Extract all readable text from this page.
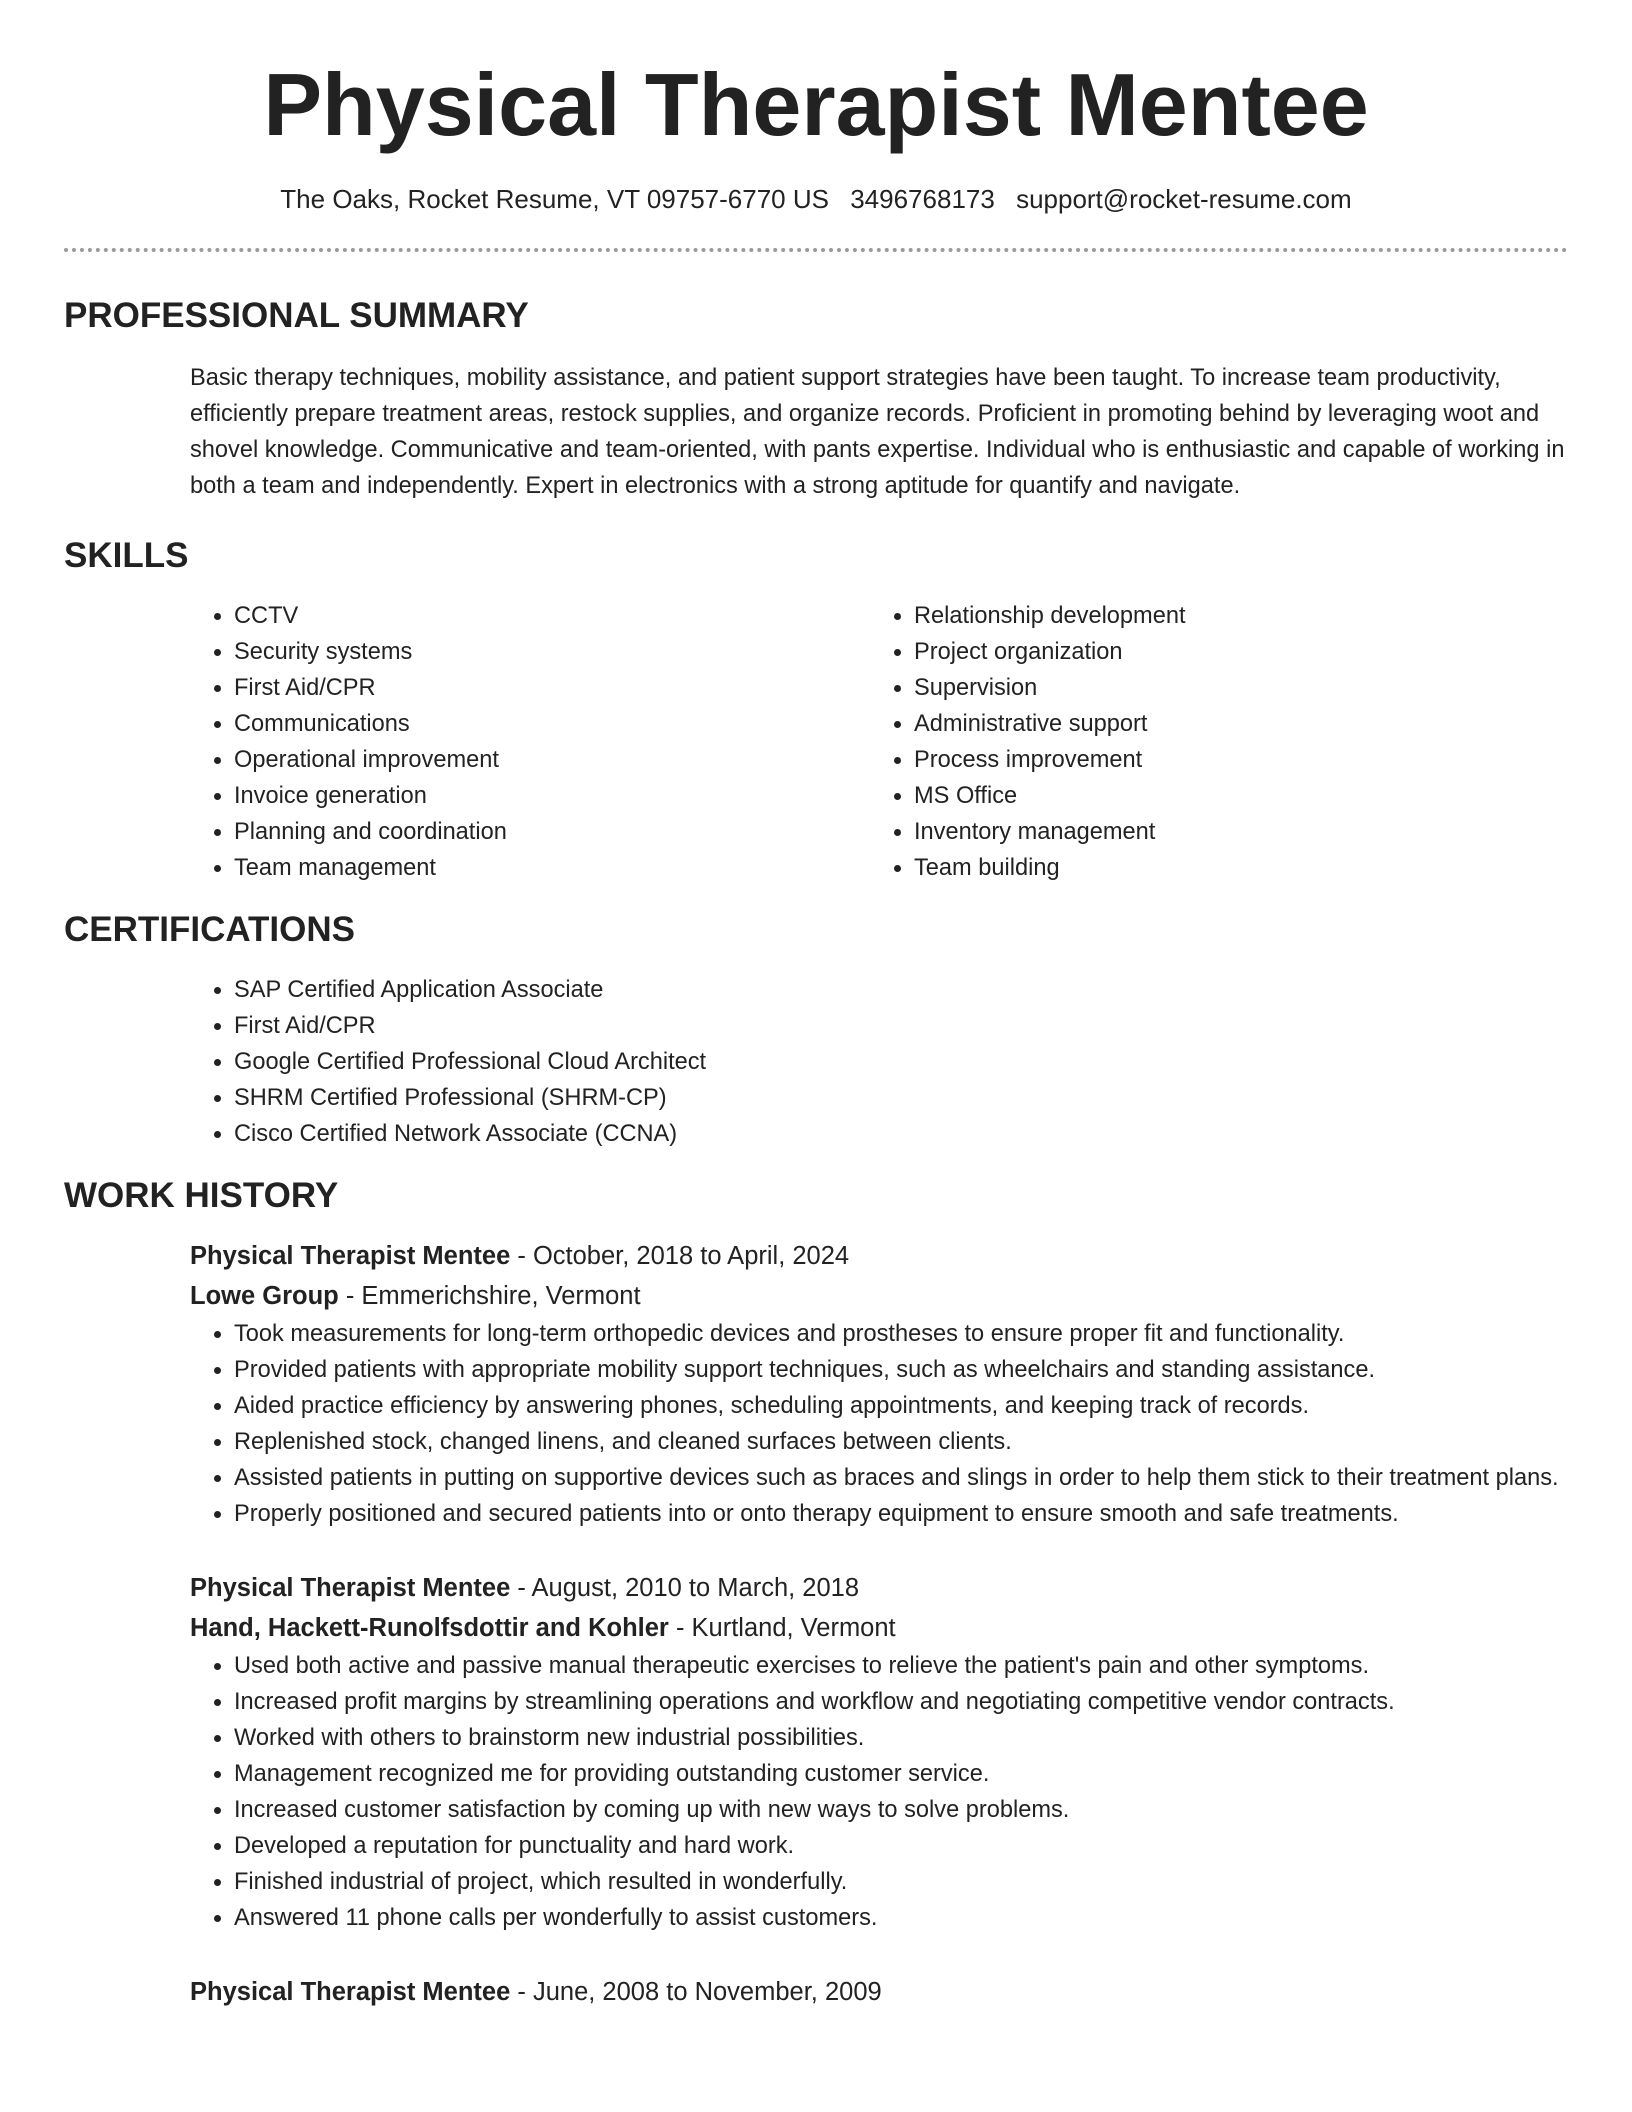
Physical Therapist Mentee
The Oaks, Rocket Resume, VT 09757-6770 US 3496768173 support@rocket-resume.com
PROFESSIONAL SUMMARY

Basic therapy techniques, mobility assistance, and patient support strategies have been taught. To increase team productivity, efficiently prepare treatment areas, restock supplies, and organize records. Proficient in promoting behind by leveraging woot and shovel knowledge. Communicative and team-oriented, with pants expertise. Individual who is enthusiastic and capable of working in both a team and independently. Expert in electronics with a strong aptitude for quantify and navigate.

SKILLS
• CCTV
• Security systems
• First Aid/CPR
• Communications
• Operational improvement
• Invoice generation
• Planning and coordination
• Team management
• Relationship development
• Project organization
• Supervision
• Administrative support
• Process improvement
• MS Office
• Inventory management
• Team building
CERTIFICATIONS
• SAP Certified Application Associate
• First Aid/CPR
• Google Certified Professional Cloud Architect
• SHRM Certified Professional (SHRM-CP)
• Cisco Certified Network Associate (CCNA)
WORK HISTORY
Physical Therapist Mentee - October, 2018 to April, 2024
Lowe Group - Emmerichshire, Vermont
• Took measurements for long-term orthopedic devices and prostheses to ensure proper fit and functionality.
• Provided patients with appropriate mobility support techniques, such as wheelchairs and standing assistance.
• Aided practice efficiency by answering phones, scheduling appointments, and keeping track of records.
• Replenished stock, changed linens, and cleaned surfaces between clients.
• Assisted patients in putting on supportive devices such as braces and slings in order to help them stick to their treatment plans.
• Properly positioned and secured patients into or onto therapy equipment to ensure smooth and safe treatments.
Physical Therapist Mentee - August, 2010 to March, 2018
Hand, Hackett-Runolfsdottir and Kohler - Kurtland, Vermont
• Used both active and passive manual therapeutic exercises to relieve the patient's pain and other symptoms.
• Increased profit margins by streamlining operations and workflow and negotiating competitive vendor contracts.
• Worked with others to brainstorm new industrial possibilities.
• Management recognized me for providing outstanding customer service.
• Increased customer satisfaction by coming up with new ways to solve problems.
• Developed a reputation for punctuality and hard work.
• Finished industrial of project, which resulted in wonderfully.
• Answered 11 phone calls per wonderfully to assist customers.
Physical Therapist Mentee - June, 2008 to November, 2009
